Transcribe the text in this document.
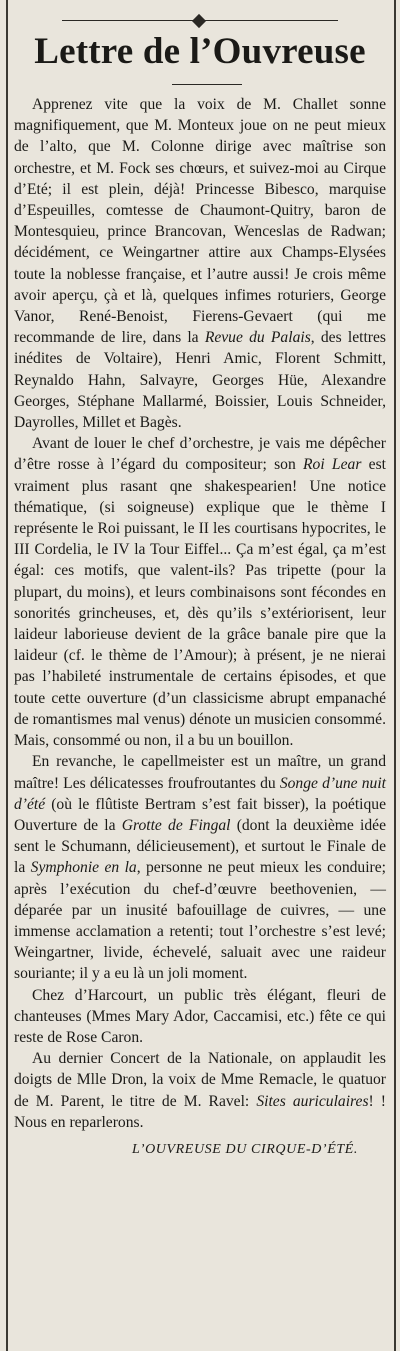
Lettre de l’Ouvreuse

Apprenez vite que la voix de M. Challet sonne magnifiquement, que M. Monteux joue on ne peut mieux de l’alto, que M. Colonne dirige avec maîtrise son orchestre, et M. Fock ses chœurs, et suivez-moi au Cirque d’Eté; il est plein, déjà! Princesse Bibesco, marquise d’Espeuilles, comtesse de Chaumont-Quitry, baron de Montesquieu, prince Brancovan, Wenceslas de Radwan; décidément, ce Weingartner attire aux Champs-Elysées toute la noblesse française, et l’autre aussi! Je crois même avoir aperçu, çà et là, quelques infimes roturiers, George Vanor, René-Benoist, Fierens-Gevaert (qui me recommande de lire, dans la Revue du Palais, des lettres inédites de Voltaire), Henri Amic, Florent Schmitt, Reynaldo Hahn, Salvayre, Georges Hüe, Alexandre Georges, Stéphane Mallarmé, Boissier, Louis Schneider, Dayrolles, Millet et Bagès.

Avant de louer le chef d’orchestre, je vais me dépêcher d’être rosse à l’égard du compositeur; son Roi Lear est vraiment plus rasant qne shakespearien! Une notice thématique, (si soigneuse) explique que le thème I représente le Roi puissant, le II les courtisans hypocrites, le III Cordelia, le IV la Tour Eiffel... Ça m’est égal, ça m’est égal: ces motifs, que valent-ils? Pas tripette (pour la plupart, du moins), et leurs combinaisons sont fécondes en sonorités grincheuses, et, dès qu’ils s’extériorisent, leur laideur laborieuse devient de la grâce banale pire que la laideur (cf. le thème de l’Amour); à présent, je ne nierai pas l’habileté instrumentale de certains épisodes, et que toute cette ouverture (d’un classicisme abrupt empanaché de romantismes mal venus) dénote un musicien consommé. Mais, consommé ou non, il a bu un bouillon.

En revanche, le capellmeister est un maître, un grand maître! Les délicatesses froufroutantes du Songe d’une nuit d’été (où le flûtiste Bertram s’est fait bisser), la poétique Ouverture de la Grotte de Fingal (dont la deuxième idée sent le Schumann, délicieusement), et surtout le Finale de la Symphonie en la, personne ne peut mieux les conduire; après l’exécution du chef-d’œuvre beethovenien, — déparée par un inusité bafouillage de cuivres, — une immense acclamation a retenti; tout l’orchestre s’est levé; Weingartner, livide, échevelé, saluait avec une raideur souriante; il y a eu là un joli moment.

Chez d’Harcourt, un public très élégant, fleuri de chanteuses (Mmes Mary Ador, Caccamisi, etc.) fête ce qui reste de Rose Caron.

Au dernier Concert de la Nationale, on applaudit les doigts de Mlle Dron, la voix de Mme Remacle, le quatuor de M. Parent, le titre de M. Ravel: Sites auriculaires! ! Nous en reparlerons.

L’OUVREUSE DU CIRQUE-D’ÉTÉ.
